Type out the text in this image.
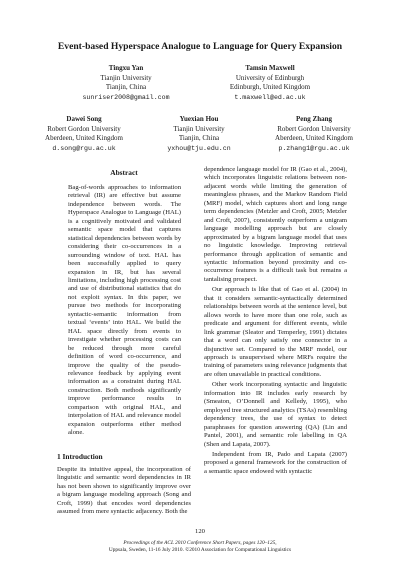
Event-based Hyperspace Analogue to Language for Query Expansion
Tingxu Yan
Tianjin University
Tianjin, China
sunriser2008@gmail.com
Tamsin Maxwell
University of Edinburgh
Edinburgh, United Kingdom
t.maxwell@ed.ac.uk
Dawei Song
Robert Gordon University
Aberdeen, United Kingdom
d.song@rgu.ac.uk
Yuexian Hou
Tianjin University
Tianjin, China
yxhou@tju.edu.cn
Peng Zhang
Robert Gordon University
Aberdeen, United Kingdom
p.zhang1@rgu.ac.uk
Abstract

Bag-of-words approaches to information retrieval (IR) are effective but assume independence between words. The Hyperspace Analogue to Language (HAL) is a cognitively motivated and validated semantic space model that captures statistical dependencies between words by considering their co-occurrences in a surrounding window of text. HAL has been successfully applied to query expansion in IR, but has several limitations, including high processing cost and use of distributional statistics that do not exploit syntax. In this paper, we pursue two methods for incorporating syntactic-semantic information from textual ‘events’ into HAL. We build the HAL space directly from events to investigate whether processing costs can be reduced through more careful definition of word co-occurrence, and improve the quality of the pseudo-relevance feedback by applying event information as a constraint during HAL construction. Both methods significantly improve performance results in comparison with original HAL, and interpolation of HAL and relevance model expansion outperforms either method alone.

1 Introduction

Despite its intuitive appeal, the incorporation of linguistic and semantic word dependencies in IR has not been shown to significantly improve over a bigram language modeling approach (Song and Croft, 1999) that encodes word dependencies assumed from mere syntactic adjacency. Both the

dependence language model for IR (Gao et al., 2004), which incorporates linguistic relations between non-adjacent words while limiting the generation of meaningless phrases, and the Markov Random Field (MRF) model, which captures short and long range term dependencies (Metzler and Croft, 2005; Metzler and Croft, 2007), consistently outperform a unigram language modelling approach but are closely approximated by a bigram language model that uses no linguistic knowledge. Improving retrieval performance through application of semantic and syntactic information beyond proximity and co-occurrence features is a difficult task but remains a tantalising prospect.

Our approach is like that of Gao et al. (2004) in that it considers semantic-syntactically determined relationships between words at the sentence level, but allows words to have more than one role, such as predicate and argument for different events, while link grammar (Sleator and Temperley, 1991) dictates that a word can only satisfy one connector in a disjunctive set. Compared to the MRF model, our approach is unsupervised where MRFs require the training of parameters using relevance judgments that are often unavailable in practical conditions.

Other work incorporating syntactic and linguistic information into IR includes early research by (Smeaton, O’Donnell and Kelledy, 1995), who employed tree structured analytics (TSAs) resembling dependency trees, the use of syntax to detect paraphrases for question answering (QA) (Lin and Pantel, 2001), and semantic role labelling in QA (Shen and Lapata, 2007).

Independent from IR, Pado and Lapata (2007) proposed a general framework for the construction of a semantic space endowed with syntactic

120
Proceedings of the ACL 2010 Conference Short Papers, pages 120–125,
Uppsala, Sweden, 11-16 July 2010. ©2010 Association for Computational Linguistics
